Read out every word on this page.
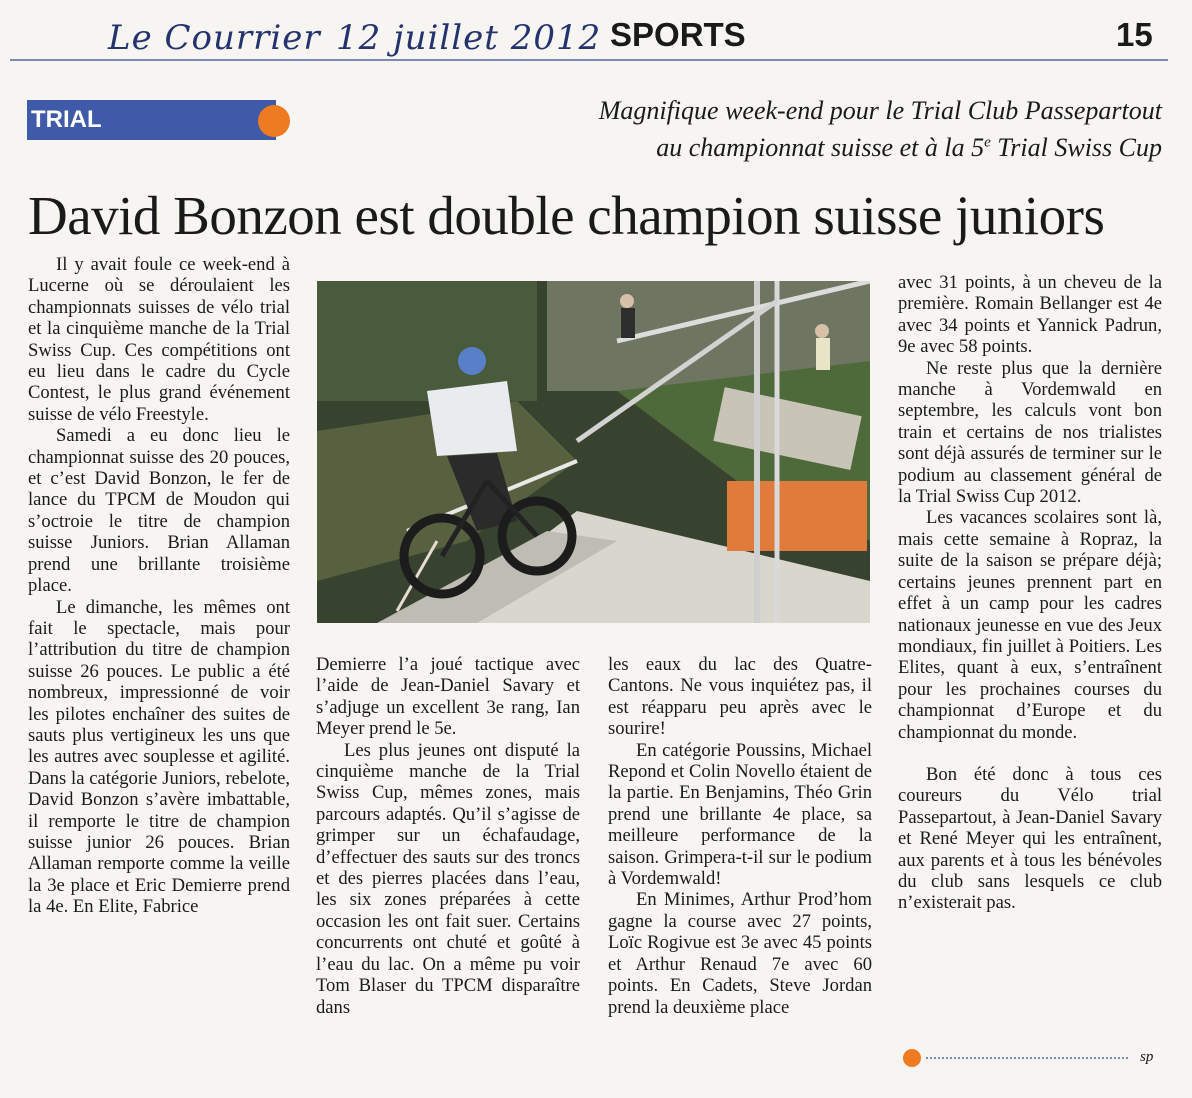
Le Courrier 12 juillet 2012 SPORTS	15
TRIAL	Magnifique week-end pour le Trial Club Passepartout
au championnat suisse et à la 5e Trial Swiss Cup
David Bonzon est double champion suisse juniors

Il y avait foule ce week-end à Lucerne où se déroulaient les championnats suisses de vélo trial et la cinquième manche de la Trial Swiss Cup. Ces compétitions ont eu lieu dans le cadre du Cycle Contest, le plus grand événement suisse de vélo Freestyle.

Samedi a eu donc lieu le championnat suisse des 20 pouces, et c’est David Bonzon, le fer de lance du TPCM de Moudon qui s’octroie le titre de champion suisse Juniors. Brian Allaman prend une brillante troisième place.

Le dimanche, les mêmes ont fait le spectacle, mais pour l’attribution du titre de champion suisse 26 pouces. Le public a été nombreux, impressionné de voir les pilotes enchaîner des suites de sauts plus vertigineux les uns que les autres avec souplesse et agilité. Dans la catégorie Juniors, rebelote, David Bonzon s’avère imbattable, il remporte le titre de champion suisse junior 26 pouces. Brian Allaman remporte comme la veille la 3e place et Eric Demierre prend la 4e. En Elite, Fabrice

Demierre l’a joué tactique avec l’aide de Jean-Daniel Savary et s’adjuge un excellent 3e rang, Ian Meyer prend le 5e.

Les plus jeunes ont disputé la cinquième manche de la Trial Swiss Cup, mêmes zones, mais parcours adaptés. Qu’il s’agisse de grimper sur un échafaudage, d’effectuer des sauts sur des troncs et des pierres placées dans l’eau, les six zones préparées à cette occasion les ont fait suer. Certains concurrents ont chuté et goûté à l’eau du lac. On a même pu voir Tom Blaser du TPCM disparaître dans

les eaux du lac des Quatre-Cantons. Ne vous inquiétez pas, il est réapparu peu après avec le sourire!

En catégorie Poussins, Michael Repond et Colin Novello étaient de la partie. En Benjamins, Théo Grin prend une brillante 4e place, sa meilleure performance de la saison. Grimpera-t-il sur le podium à Vordemwald!

En Minimes, Arthur Prod’hom gagne la course avec 27 points, Loïc Rogivue est 3e avec 45 points et Arthur Renaud 7e avec 60 points. En Cadets, Steve Jordan prend la deuxième place

avec 31 points, à un cheveu de la première. Romain Bellanger est 4e avec 34 points et Yannick Padrun, 9e avec 58 points.

Ne reste plus que la dernière manche à Vordemwald en septembre, les calculs vont bon train et certains de nos trialistes sont déjà assurés de terminer sur le podium au classement général de la Trial Swiss Cup 2012.

Les vacances scolaires sont là, mais cette semaine à Ropraz, la suite de la saison se prépare déjà; certains jeunes prennent part en effet à un camp pour les cadres nationaux jeunesse en vue des Jeux mondiaux, fin juillet à Poitiers. Les Elites, quant à eux, s’entraînent pour les prochaines courses du championnat d’Europe et du championnat du monde.

Bon été donc à tous ces coureurs du Vélo trial Passepartout, à Jean-Daniel Savary et René Meyer qui les entraînent, aux parents et à tous les bénévoles du club sans lesquels ce club n’existerait pas.

sp
